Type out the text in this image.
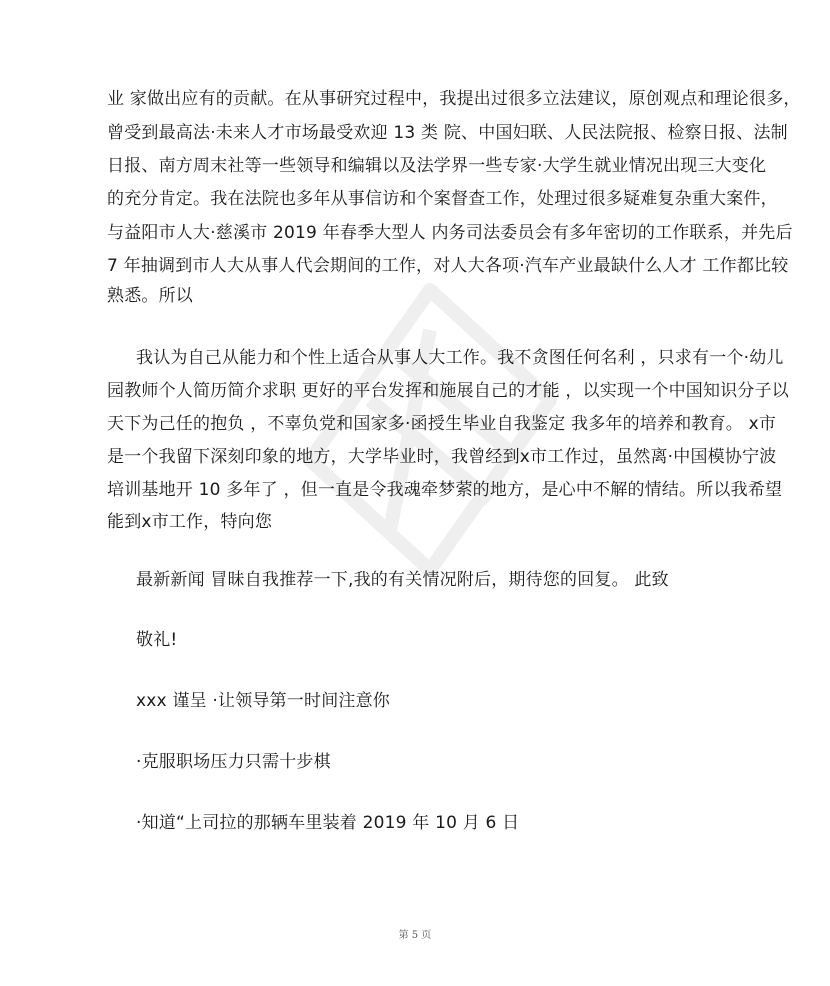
业 家做出应有的贡献。在从事研究过程中，我提出过很多立法建议，原创观点和理论很多，
曾受到最高法·未来人才市场最受欢迎 13 类 院、中国妇联、人民法院报、检察日报、法制
日报、南方周末社等一些领导和编辑以及法学界一些专家·大学生就业情况出现三大变化
的充分肯定。我在法院也多年从事信访和个案督查工作，处理过很多疑难复杂重大案件，
与益阳市人大·慈溪市 2019 年春季大型人 内务司法委员会有多年密切的工作联系，并先后
7 年抽调到市人大从事人代会期间的工作，对人大各项·汽车产业最缺什么人才 工作都比较
熟悉。所以
我认为自己从能力和个性上适合从事人大工作。我不贪图任何名利 ，只求有一个·幼儿
园教师个人简历简介求职 更好的平台发挥和施展自己的才能 ，以实现一个中国知识分子以
天下为己任的抱负 ，不辜负党和国家多·函授生毕业自我鉴定 我多年的培养和教育。 x市
是一个我留下深刻印象的地方，大学毕业时，我曾经到x市工作过，虽然离·中国模协宁波
培训基地开 10 多年了 ，但一直是令我魂牵梦萦的地方，是心中不解的情结。所以我希望
能到x市工作，特向您
最新新闻 冒昧自我推荐一下,我的有关情况附后，期待您的回复。 此致
敬礼!
xxx 谨呈 ·让领导第一时间注意你
·克服职场压力只需十步棋
·知道“上司拉的那辆车里装着 2019 年 10 月 6 日
第 5 页
